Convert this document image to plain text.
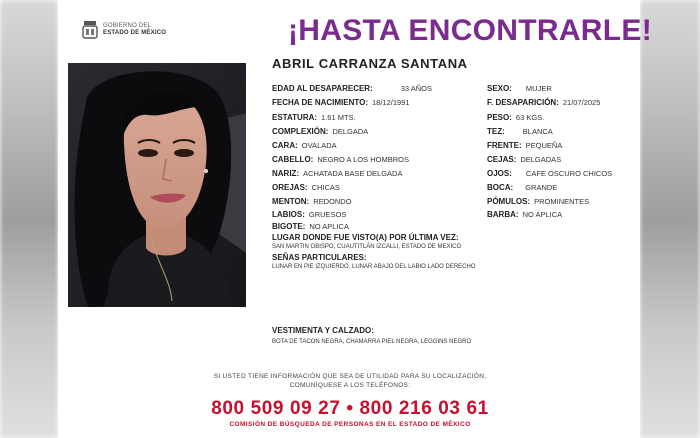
GOBIERNO DEL
ESTADO DE MÉXICO	¡HASTA ENCONTRARLE!
ABRIL CARRANZA SANTANA
EDAD AL DESAPARECER:	33 AÑOS
FECHA DE NACIMIENTO: 18/12/1991
ESTATURA: 1.61 MTS.
COMPLEXIÓN: DELGADA
CARA: OVALADA
CABELLO: NEGRO A LOS HOMBROS
NARIZ: ACHATADA BASE DELGADA
OREJAS: CHICAS
MENTON: REDONDO
LABIOS: GRUESOS
BIGOTE: NO APLICA
SEXO: MUJER
F. DESAPARICIÓN: 21/07/2025
PESO: 63 KGS.
TEZ: BLANCA
FRENTE: PEQUEÑA
CEJAS: DELGADAS
OJOS: CAFE OSCURO CHICOS
BOCA: GRANDE
PÓMULOS: PROMINENTES
BARBA: NO APLICA
LUGAR DONDE FUE VISTO(A) POR ÚLTIMA VEZ:
SAN MARTIN OBISPO, CUAUTITLÁN IZCALLI, ESTADO DE MEXICO
SEÑAS PARTICULARES:
LUNAR EN PIE IZQUIERDO, LUNAR ABAJO DEL LABIO LADO DERECHO
VESTIMENTA Y CALZADO:
BOTA DE TACON NEGRA, CHAMARRA PIEL NEGRA, LEGGINS NEGRO
SI USTED TIENE INFORMACIÓN QUE SEA DE UTILIDAD PARA SU LOCALIZACIÓN,
COMUNÍQUESE A LOS TELÉFONOS:
800 509 09 27 • 800 216 03 61
COMISIÓN DE BÚSQUEDA DE PERSONAS EN EL ESTADO DE MÉXICO
